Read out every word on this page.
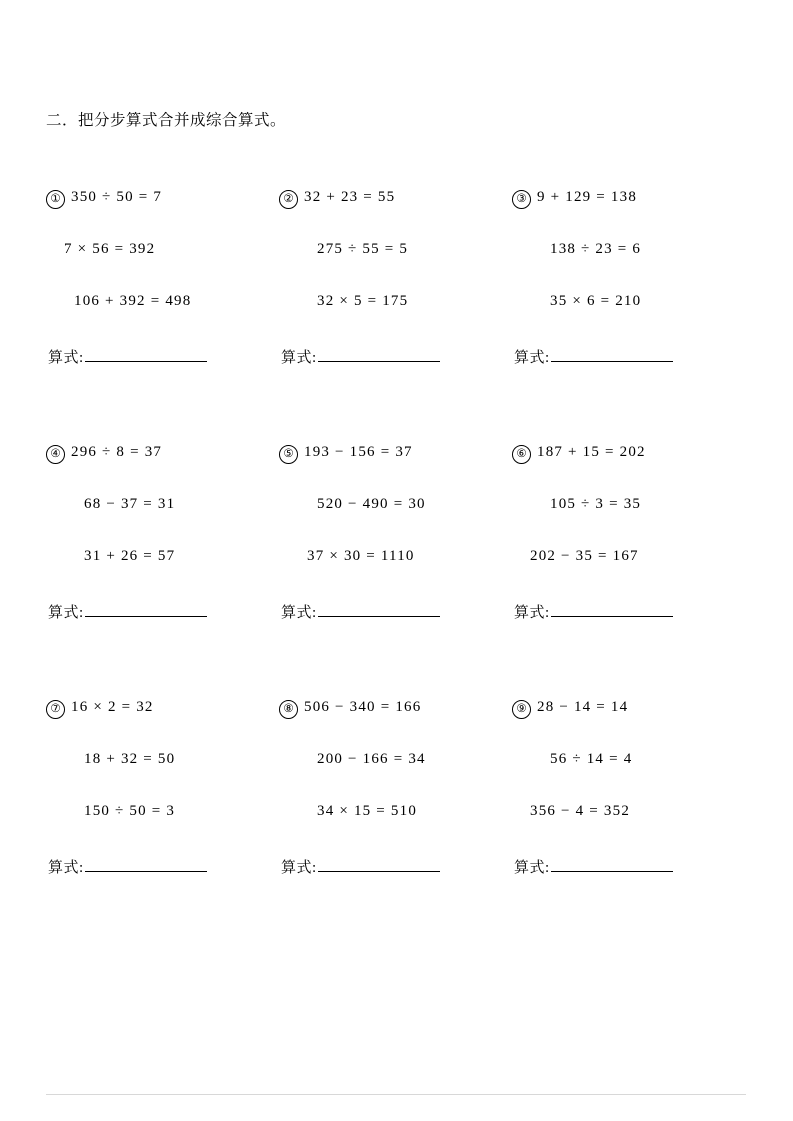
二．把分步算式合并成综合算式。
① 350 ÷ 50 = 7
7 × 56 = 392
106 + 392 = 498
算式:
② 32 + 23 = 55
275 ÷ 55 = 5
32 × 5 = 175
算式:
③ 9 + 129 = 138
138 ÷ 23 = 6
35 × 6 = 210
算式:
④ 296 ÷ 8 = 37
68 − 37 = 31
31 + 26 = 57
算式:
⑤ 193 − 156 = 37
520 − 490 = 30
37 × 30 = 1110
算式:
⑥ 187 + 15 = 202
105 ÷ 3 = 35
202 − 35 = 167
算式:
⑦ 16 × 2 = 32
18 + 32 = 50
150 ÷ 50 = 3
算式:
⑧ 506 − 340 = 166
200 − 166 = 34
34 × 15 = 510
算式:
⑨ 28 − 14 = 14
56 ÷ 14 = 4
356 − 4 = 352
算式:
